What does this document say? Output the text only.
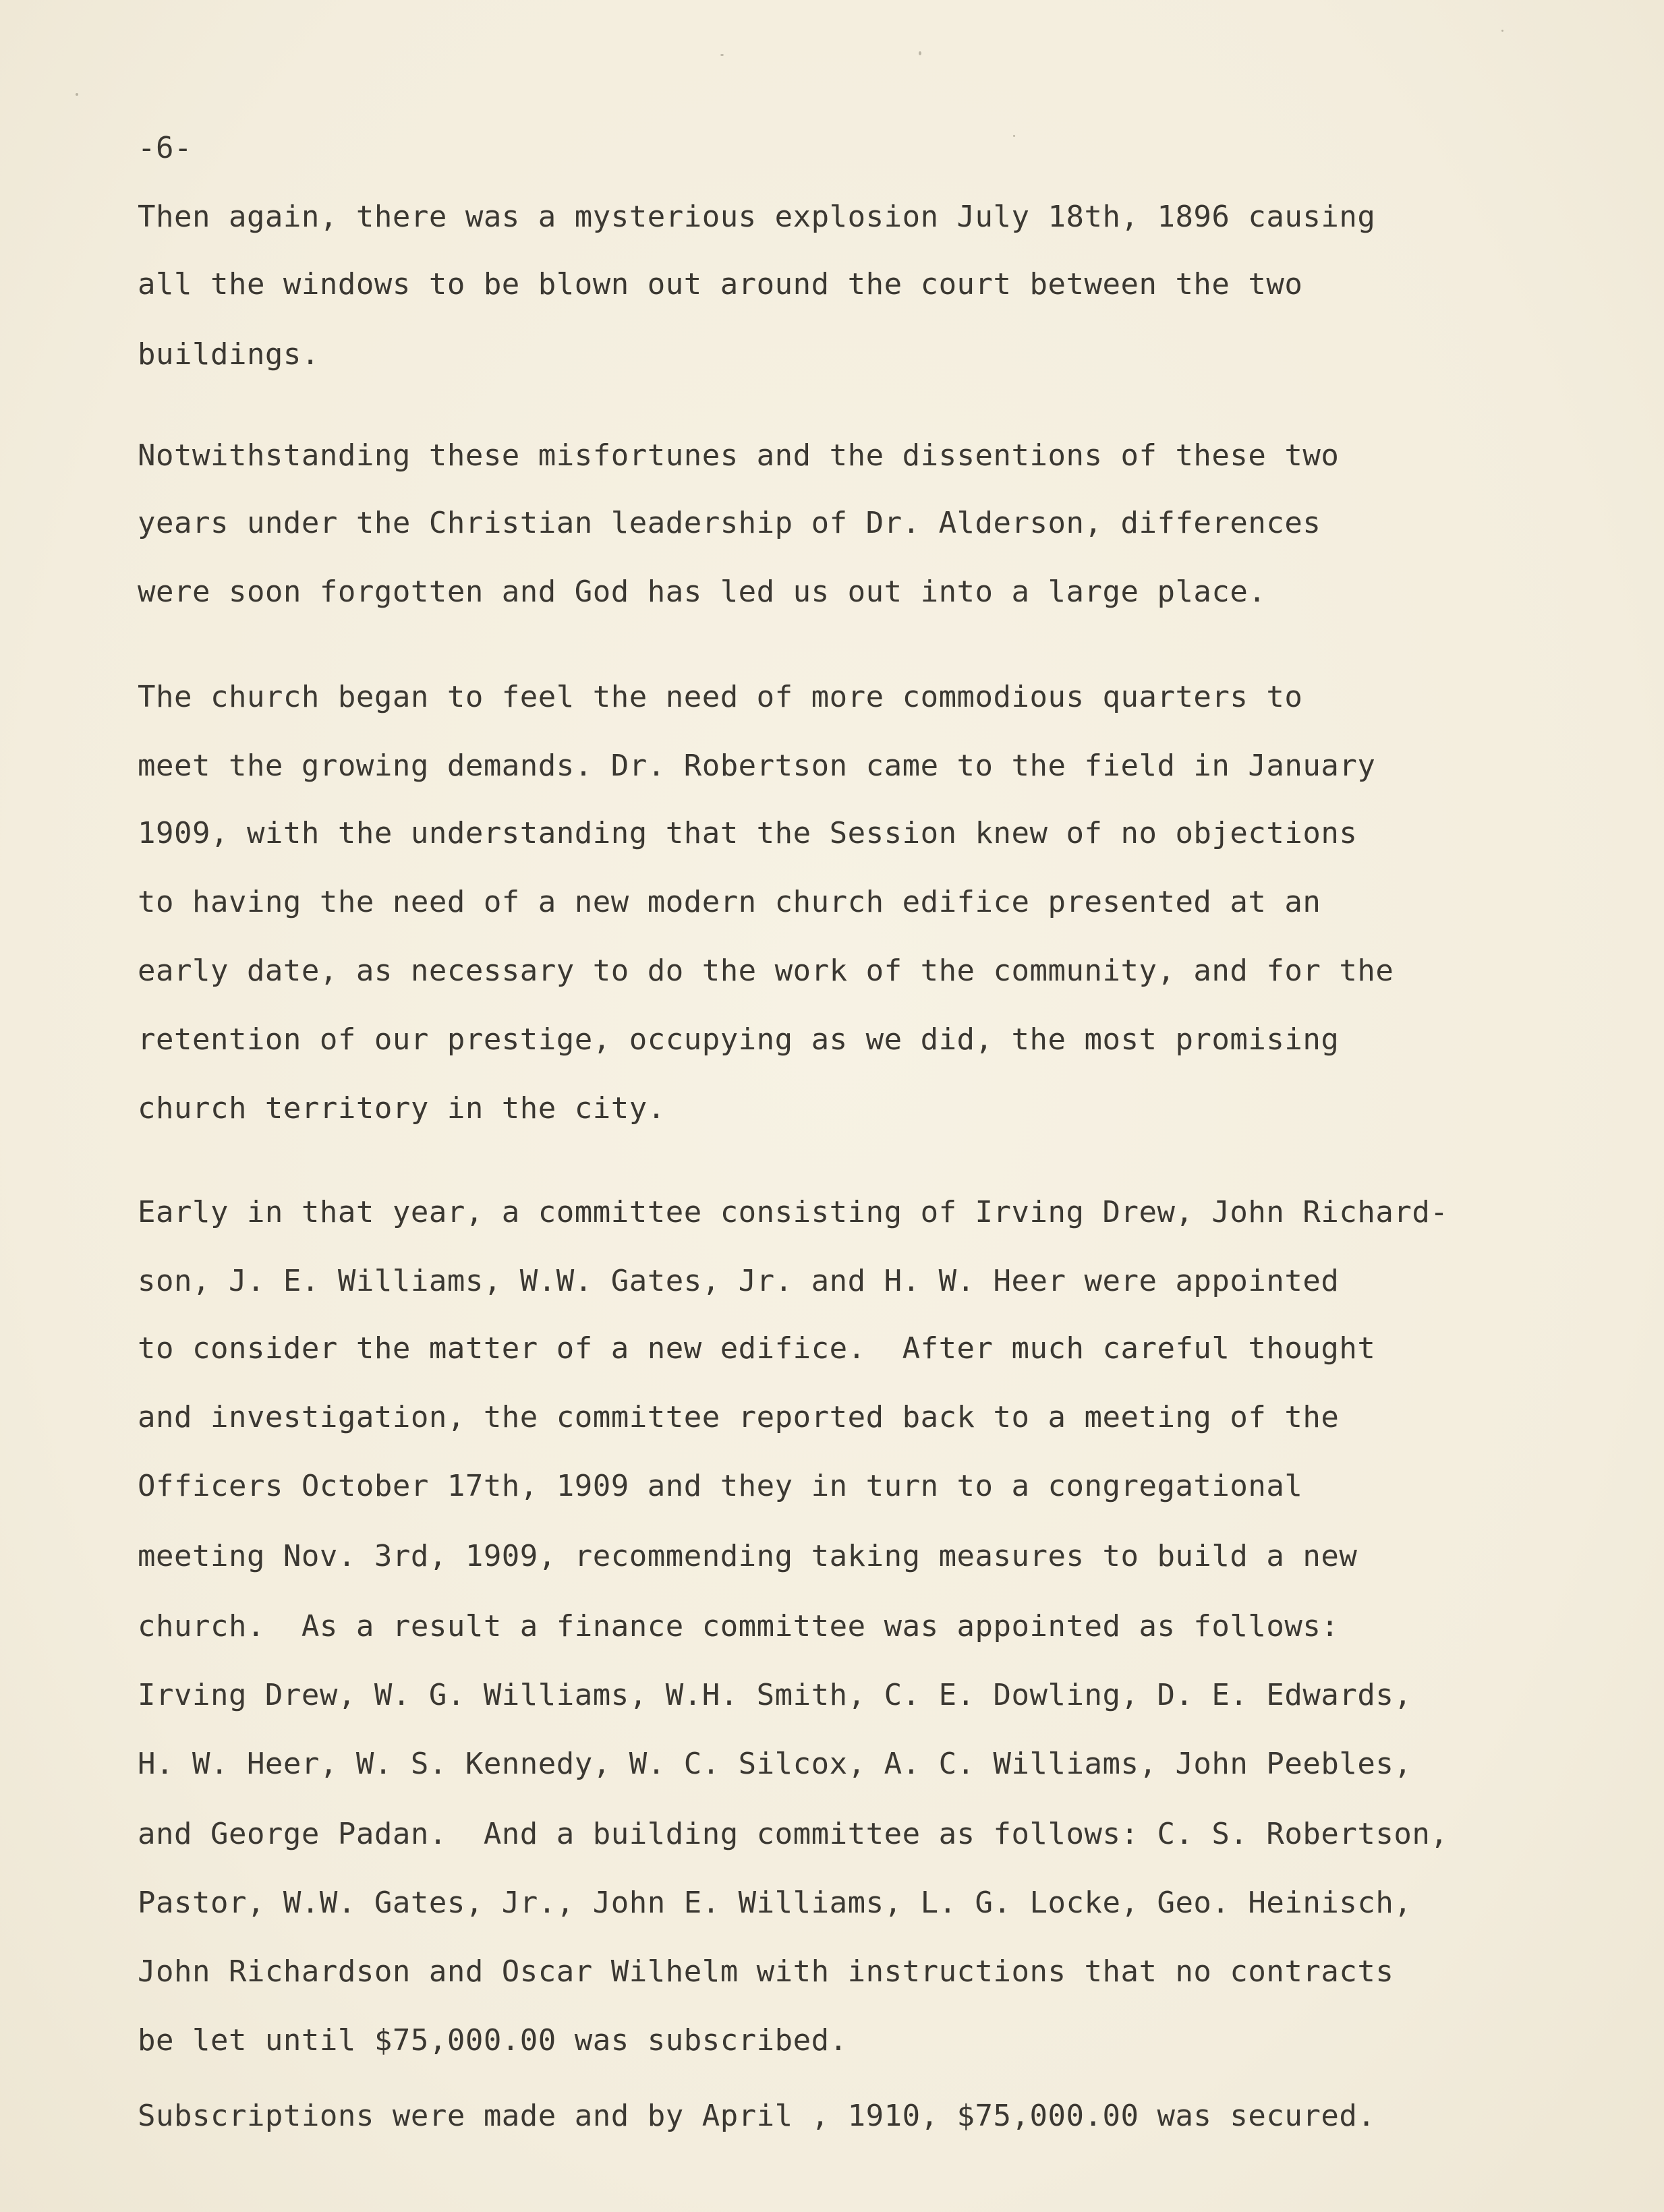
-6-

Then again, there was a mysterious explosion July 18th, 1896 causing

all the windows to be blown out around the court between the two

buildings.

Notwithstanding these misfortunes and the dissentions of these two

years under the Christian leadership of Dr. Alderson, differences

were soon forgotten and God has led us out into a large place.

The church began to feel the need of more commodious quarters to

meet the growing demands. Dr. Robertson came to the field in January

1909, with the understanding that the Session knew of no objections

to having the need of a new modern church edifice presented at an

early date, as necessary to do the work of the community, and for the

retention of our prestige, occupying as we did, the most promising

church territory in the city.

Early in that year, a committee consisting of Irving Drew, John Richard-

son, J. E. Williams, W.W. Gates, Jr. and H. W. Heer were appointed

to consider the matter of a new edifice.  After much careful thought

and investigation, the committee reported back to a meeting of the

Officers October 17th, 1909 and they in turn to a congregational

meeting Nov. 3rd, 1909, recommending taking measures to build a new

church.  As a result a finance committee was appointed as follows:

Irving Drew, W. G. Williams, W.H. Smith, C. E. Dowling, D. E. Edwards,

H. W. Heer, W. S. Kennedy, W. C. Silcox, A. C. Williams, John Peebles,

and George Padan.  And a building committee as follows: C. S. Robertson,

Pastor, W.W. Gates, Jr., John E. Williams, L. G. Locke, Geo. Heinisch,

John Richardson and Oscar Wilhelm with instructions that no contracts

be let until $75,000.00 was subscribed.

Subscriptions were made and by April , 1910, $75,000.00 was secured.
